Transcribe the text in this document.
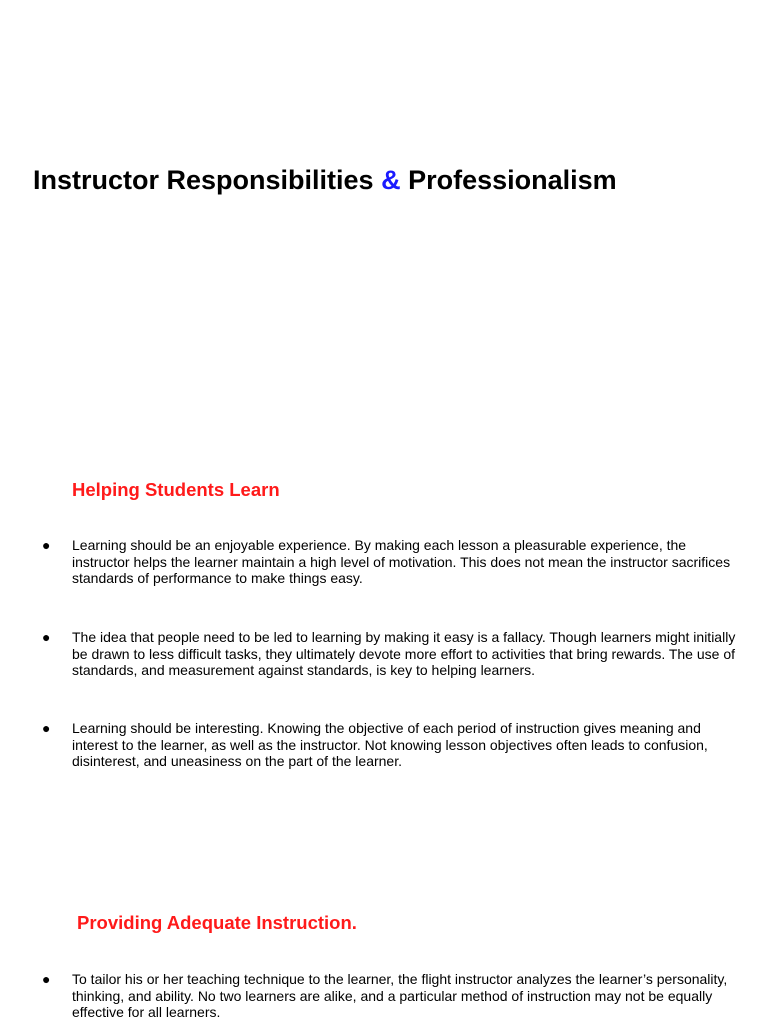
Instructor Responsibilities & Professionalism
Helping Students Learn
● Learning should be an enjoyable experience. By making each lesson a pleasurable experience, the instructor helps the learner maintain a high level of motivation. This does not mean the instructor sacrifices standards of performance to make things easy.
● The idea that people need to be led to learning by making it easy is a fallacy. Though learners might initially be drawn to less difficult tasks, they ultimately devote more effort to activities that bring rewards. The use of standards, and measurement against standards, is key to helping learners.
● Learning should be interesting. Knowing the objective of each period of instruction gives meaning and interest to the learner, as well as the instructor. Not knowing lesson objectives often leads to confusion, disinterest, and uneasiness on the part of the learner.
Providing Adequate Instruction.
● To tailor his or her teaching technique to the learner, the flight instructor analyzes the learner’s personality, thinking, and ability. No two learners are alike, and a particular method of instruction may not be equally effective for all learners.
